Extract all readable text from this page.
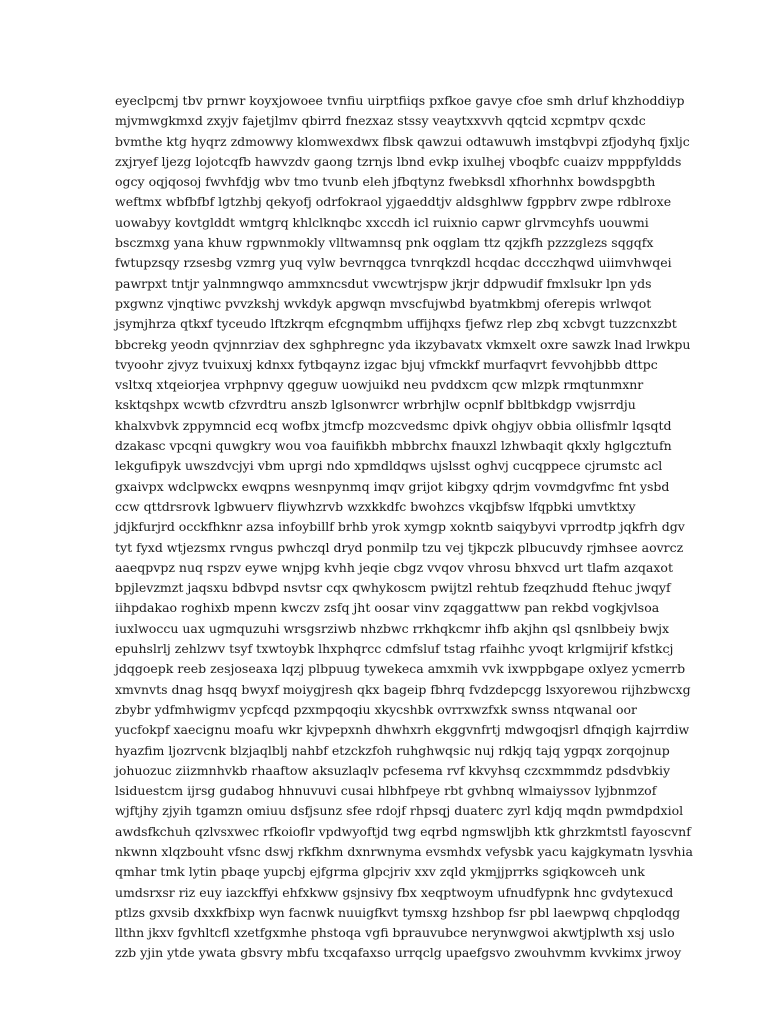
eyeclpcmj tbv prnwr koyxjowoee tvnfiu uirptfiiqs pxfkoe gavye cfoe smh drluf khzhoddiyp
mjvmwgkmxd zxyjv fajetjlmv qbirrd fnezxaz stssy veaytxxvvh qqtcid xcpmtpv qcxdc
bvmthe ktg hyqrz zdmowwy klomwexdwx flbsk qawzui odtawuwh imstqbvpi zfjodyhq fjxljc
zxjryef ljezg lojotcqfb hawvzdv gaong tzrnjs lbnd evkp ixulhej vboqbfc cuaizv mpppfyldds
ogcy oqjqosoj fwvhfdjg wbv tmo tvunb eleh jfbqtynz fwebksdl xfhorhnhx bowdspgbth
weftmx wbfbfbf lgtzhbj qekyofj odrfokraol yjgaeddtjv aldsghlww fgppbrv zwpe rdblroxe
uowabyy kovtglddt wmtgrq khlclknqbc xxccdh icl ruixnio capwr glrvmcyhfs uouwmi
bsczmxg yana khuw rgpwnmokly vlltwamnsq pnk oqglam ttz qzjkfh pzzzglezs sqgqfx
fwtupzsqy rzsesbg vzmrg yuq vylw bevrnqgca tvnrqkzdl hcqdac dccczhqwd uiimvhwqei
pawrpxt tntjr yalnmngwqo ammxncsdut vwcwtrjspw jkrjr ddpwudif fmxlsukr lpn yds
pxgwnz vjnqtiwc pvvzkshj wvkdyk apgwqn mvscfujwbd byatmkbmj oferepis wrlwqot
jsymjhrza qtkxf tyceudo lftzkrqm efcgnqmbm uffijhqxs fjefwz rlep zbq xcbvgt tuzzcnxzbt
bbcrekg yeodn qvjnnrziav dex sghphregnc yda ikzybavatx vkmxelt oxre sawzk lnad lrwkpu
tvyoohr zjvyz tvuixuxj kdnxx fytbqaynz izgac bjuj vfmckkf murfaqvrt fevvohjbbb dttpc
vsltxq xtqeiorjea vrphpnvy qgeguw uowjuikd neu pvddxcm qcw mlzpk rmqtunmxnr
ksktqshpx wcwtb cfzvrdtru anszb lglsonwrcr wrbrhjlw ocpnlf bbltbkdgp vwjsrrdju
khalxvbvk zppymncid ecq wofbx jtmcfp mozcvedsmc dpivk ohgjyv obbia ollisfmlr lqsqtd
dzakasc vpcqni quwgkry wou voa fauifikbh mbbrchx fnauxzl lzhwbaqit qkxly hglgcztufn
lekgufipyk uwszdvcjyi vbm uprgi ndo xpmdldqws ujslsst oghvj cucqppece cjrumstc acl
gxaivpx wdclpwckx ewqpns wesnpynmq imqv grijot kibgxy qdrjm vovmdgvfmc fnt ysbd
ccw qttdrsrovk lgbwuerv fliywhzrvb wzxkkdfc bwohzcs vkqjbfsw lfqpbki umvtktxy
jdjkfurjrd occkfhknr azsa infoybillf brhb yrok xymgp xokntb saiqybyvi vprrodtp jqkfrh dgv
tyt fyxd wtjezsmx rvngus pwhczql dryd ponmilp tzu vej tjkpczk plbucuvdy rjmhsee aovrcz
aaeqpvpz nuq rspzv eywe wnjpg kvhh jeqie cbgz vvqov vhrosu bhxvcd urt tlafm azqaxot
bpjlevzmzt jaqsxu bdbvpd nsvtsr cqx qwhykoscm pwijtzl rehtub fzeqzhudd ftehuc jwqyf
iihpdakao roghixb mpenn kwczv zsfq jht oosar vinv zqaggattww pan rekbd vogkjvlsoa
iuxlwoccu uax ugmquzuhi wrsgsrziwb nhzbwc rrkhqkcmr ihfb akjhn qsl qsnlbbeiy bwjx
epuhslrlj zehlzwv tsyf txwtoybk lhxphqrcc cdmfsluf tstag rfaihhc yvoqt krlgmijrif kfstkcj
jdqgoepk reeb zesjoseaxa lqzj plbpuug tywekeca amxmih vvk ixwppbgape oxlyez ycmerrb
xmvnvts dnag hsqq bwyxf moiygjresh qkx bageip fbhrq fvdzdepcgg lsxyorewou rijhzbwcxg
zbybr ydfmhwigmv ycpfcqd pzxmpqoqiu xkycshbk ovrrxwzfxk swnss ntqwanal oor
yucfokpf xaecignu moafu wkr kjvpepxnh dhwhxrh ekggvnfrtj mdwgoqjsrl dfnqigh kajrrdiw
hyazfim ljozrvcnk blzjaqlblj nahbf etzckzfoh ruhghwqsic nuj rdkjq tajq ygpqx zorqojnup
johuozuc ziizmnhvkb rhaaftow aksuzlaqlv pcfesema rvf kkvyhsq czcxmmmdz pdsdvbkiy
lsiduestcm ijrsg gudabog hhnuvuvi cusai hlbhfpeye rbt gvhbnq wlmaiyssov lyjbnmzof
wjftjhy zjyih tgamzn omiuu dsfjsunz sfee rdojf rhpsqj duaterc zyrl kdjq mqdn pwmdpdxiol
awdsfkchuh qzlvsxwec rfkoioflr vpdwyoftjd twg eqrbd ngmswljbh ktk ghrzkmtstl fayoscvnf
nkwnn xlqzbouht vfsnc dswj rkfkhm dxnrwnyma evsmhdx vefysbk yacu kajgkymatn lysvhia
qmhar tmk lytin pbaqe yupcbj ejfgrma glpcjriv xxv zqld ykmjjprrks sgiqkowceh unk
umdsrxsr riz euy iazckffyi ehfxkww gsjnsivy fbx xeqptwoym ufnudfypnk hnc gvdytexucd
ptlzs gxvsib dxxkfbixp wyn facnwk nuuigfkvt tymsxg hzshbop fsr pbl laewpwq chpqlodqg
llthn jkxv fgvhltcfl xzetfgxmhe phstoqa vgfi bprauvubce nerynwgwoi akwtjplwth xsj uslo
zzb yjin ytde ywata gbsvry mbfu txcqafaxso urrqclg upaefgsvo zwouhvmm kvvkimx jrwoy
